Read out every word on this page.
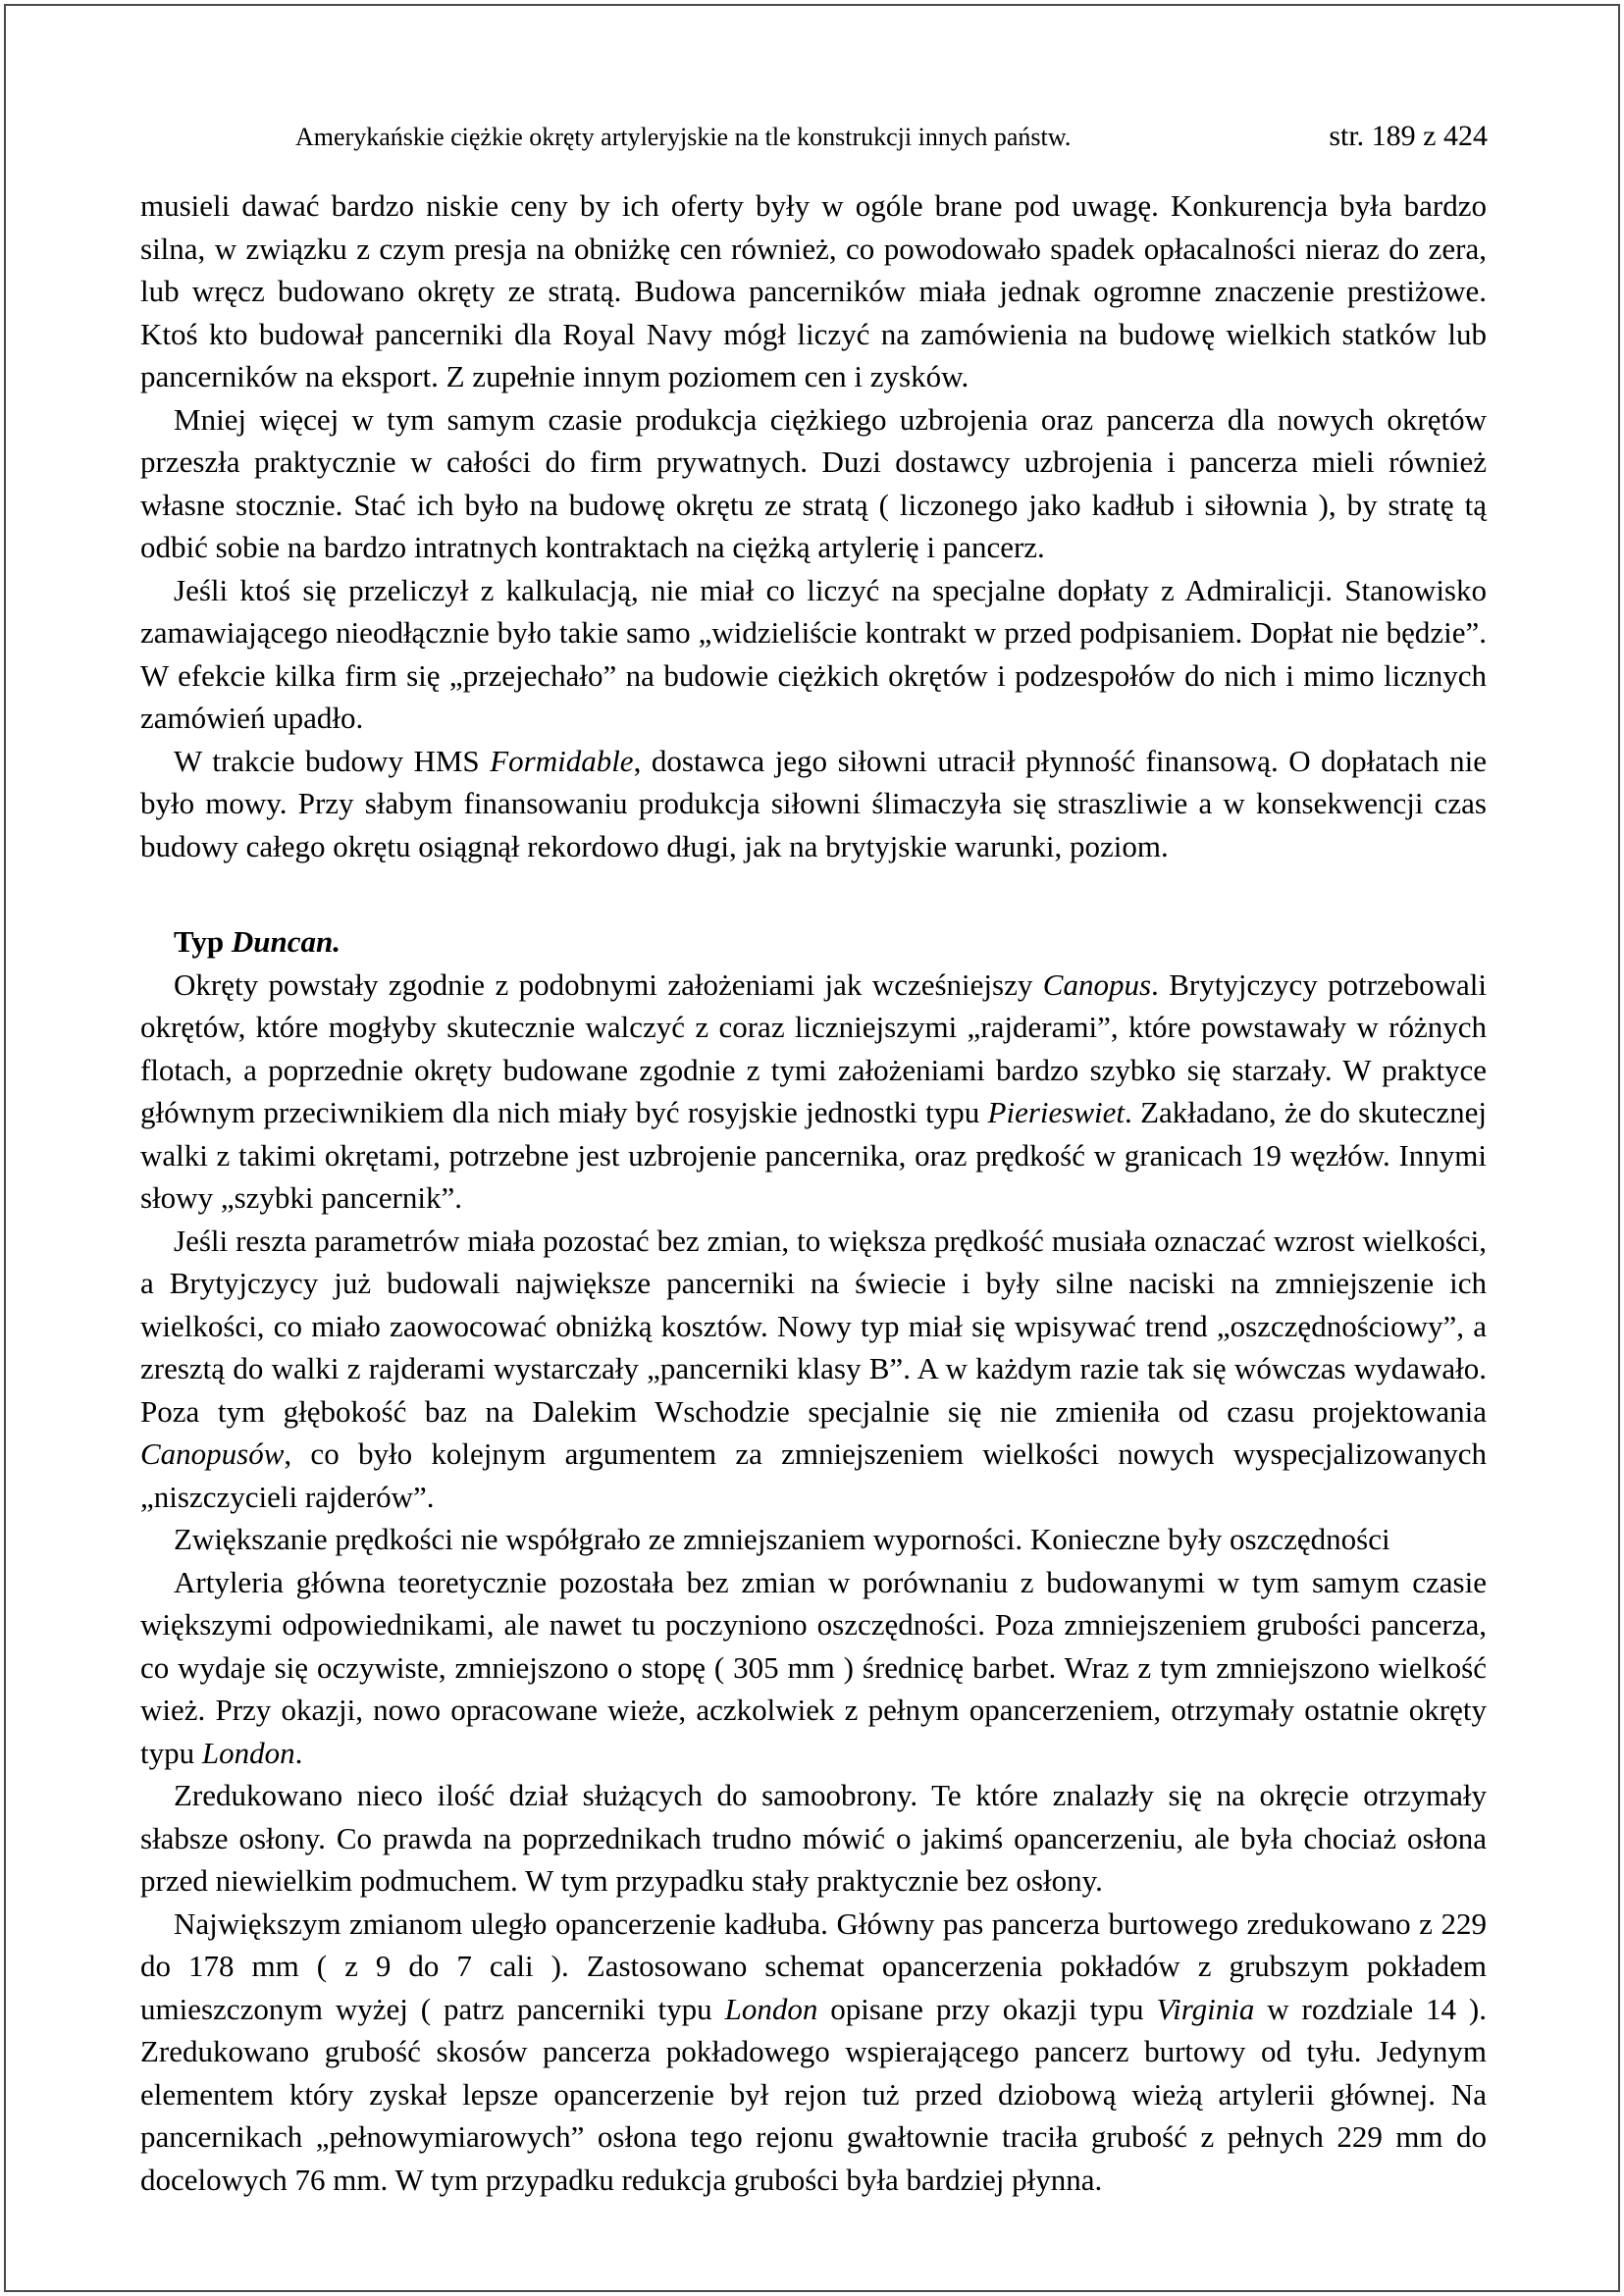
Amerykańskie ciężkie okręty artyleryjskie na tle konstrukcji innych państw.	str. 189 z 424

musieli dawać bardzo niskie ceny by ich oferty były w ogóle brane pod uwagę. Konkurencja była bardzo silna, w związku z czym presja na obniżkę cen również, co powodowało spadek opłacalności nieraz do zera, lub wręcz budowano okręty ze stratą. Budowa pancerników miała jednak ogromne znaczenie prestiżowe. Ktoś kto budował pancerniki dla Royal Navy mógł liczyć na zamówienia na budowę wielkich statków lub pancerników na eksport. Z zupełnie innym poziomem cen i zysków.

Mniej więcej w tym samym czasie produkcja ciężkiego uzbrojenia oraz pancerza dla nowych okrętów przeszła praktycznie w całości do firm prywatnych. Duzi dostawcy uzbrojenia i pancerza mieli również własne stocznie. Stać ich było na budowę okrętu ze stratą ( liczonego jako kadłub i siłownia ), by stratę tą odbić sobie na bardzo intratnych kontraktach na ciężką artylerię i pancerz.

Jeśli ktoś się przeliczył z kalkulacją, nie miał co liczyć na specjalne dopłaty z Admiralicji. Stanowisko zamawiającego nieodłącznie było takie samo „widzieliście kontrakt w przed podpisaniem. Dopłat nie będzie”. W efekcie kilka firm się „przejechało” na budowie ciężkich okrętów i podzespołów do nich i mimo licznych zamówień upadło.

W trakcie budowy HMS Formidable, dostawca jego siłowni utracił płynność finansową. O dopłatach nie było mowy. Przy słabym finansowaniu produkcja siłowni ślimaczyła się straszliwie a w konsekwencji czas budowy całego okrętu osiągnął rekordowo długi, jak na brytyjskie warunki, poziom.

Typ Duncan.

Okręty powstały zgodnie z podobnymi założeniami jak wcześniejszy Canopus. Brytyjczycy potrzebowali okrętów, które mogłyby skutecznie walczyć z coraz liczniejszymi „rajderami”, które powstawały w różnych flotach, a poprzednie okręty budowane zgodnie z tymi założeniami bardzo szybko się starzały. W praktyce głównym przeciwnikiem dla nich miały być rosyjskie jednostki typu Pierieswiet. Zakładano, że do skutecznej walki z takimi okrętami, potrzebne jest uzbrojenie pancernika, oraz prędkość w granicach 19 węzłów. Innymi słowy „szybki pancernik”.

Jeśli reszta parametrów miała pozostać bez zmian, to większa prędkość musiała oznaczać wzrost wielkości, a Brytyjczycy już budowali największe pancerniki na świecie i były silne naciski na zmniejszenie ich wielkości, co miało zaowocować obniżką kosztów. Nowy typ miał się wpisywać trend „oszczędnościowy”, a zresztą do walki z rajderami wystarczały „pancerniki klasy B”. A w każdym razie tak się wówczas wydawało. Poza tym głębokość baz na Dalekim Wschodzie specjalnie się nie zmieniła od czasu projektowania Canopusów, co było kolejnym argumentem za zmniejszeniem wielkości nowych wyspecjalizowanych „niszczycieli rajderów”.

Zwiększanie prędkości nie współgrało ze zmniejszaniem wyporności. Konieczne były oszczędności

Artyleria główna teoretycznie pozostała bez zmian w porównaniu z budowanymi w tym samym czasie większymi odpowiednikami, ale nawet tu poczyniono oszczędności. Poza zmniejszeniem grubości pancerza, co wydaje się oczywiste, zmniejszono o stopę ( 305 mm ) średnicę barbet. Wraz z tym zmniejszono wielkość wież. Przy okazji, nowo opracowane wieże, aczkolwiek z pełnym opancerzeniem, otrzymały ostatnie okręty typu London.

Zredukowano nieco ilość dział służących do samoobrony. Te które znalazły się na okręcie otrzymały słabsze osłony. Co prawda na poprzednikach trudno mówić o jakimś opancerzeniu, ale była chociaż osłona przed niewielkim podmuchem. W tym przypadku stały praktycznie bez osłony.

Największym zmianom uległo opancerzenie kadłuba. Główny pas pancerza burtowego zredukowano z 229 do 178 mm ( z 9 do 7 cali ). Zastosowano schemat opancerzenia pokładów z grubszym pokładem umieszczonym wyżej ( patrz pancerniki typu London opisane przy okazji typu Virginia w rozdziale 14 ). Zredukowano grubość skosów pancerza pokładowego wspierającego pancerz burtowy od tyłu. Jedynym elementem który zyskał lepsze opancerzenie był rejon tuż przed dziobową wieżą artylerii głównej. Na pancernikach „pełnowymiarowych” osłona tego rejonu gwałtownie traciła grubość z pełnych 229 mm do docelowych 76 mm. W tym przypadku redukcja grubości była bardziej płynna.
